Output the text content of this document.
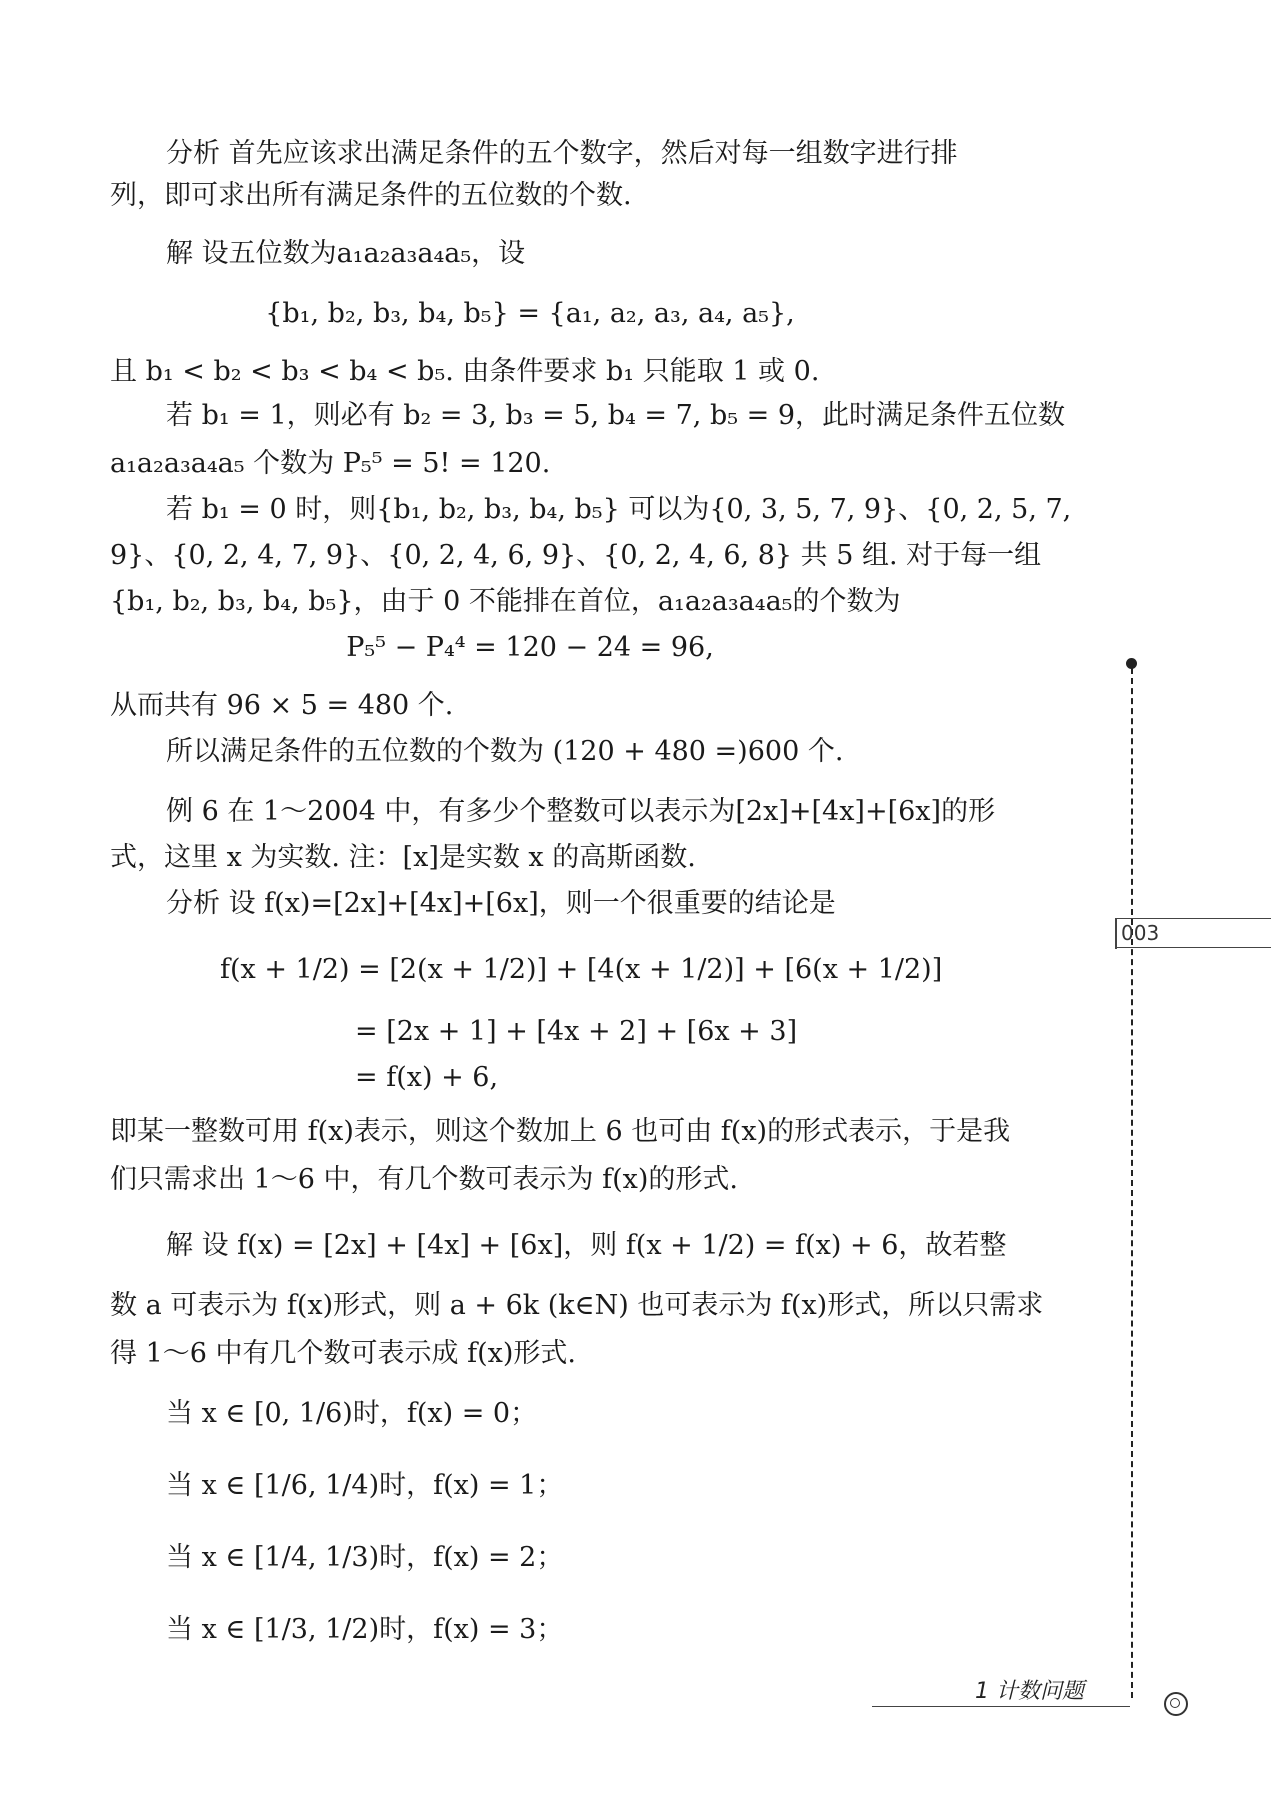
分析 首先应该求出满足条件的五个数字，然后对每一组数字进行排
列，即可求出所有满足条件的五位数的个数.
解 设五位数为a₁a₂a₃a₄a₅，设
{b₁, b₂, b₃, b₄, b₅} = {a₁, a₂, a₃, a₄, a₅},
且 b₁ < b₂ < b₃ < b₄ < b₅. 由条件要求 b₁ 只能取 1 或 0.
若 b₁ = 1，则必有 b₂ = 3, b₃ = 5, b₄ = 7, b₅ = 9，此时满足条件五位数
a₁a₂a₃a₄a₅ 个数为 P₅⁵ = 5! = 120.
若 b₁ = 0 时，则{b₁, b₂, b₃, b₄, b₅} 可以为{0, 3, 5, 7, 9}、{0, 2, 5, 7,
9}、{0, 2, 4, 7, 9}、{0, 2, 4, 6, 9}、{0, 2, 4, 6, 8} 共 5 组. 对于每一组
{b₁, b₂, b₃, b₄, b₅}，由于 0 不能排在首位，a₁a₂a₃a₄a₅的个数为
P₅⁵ − P₄⁴ = 120 − 24 = 96,
从而共有 96 × 5 = 480 个.
所以满足条件的五位数的个数为 (120 + 480 =)600 个.
例 6 在 1～2004 中，有多少个整数可以表示为[2x]+[4x]+[6x]的形
式，这里 x 为实数. 注：[x]是实数 x 的高斯函数.
分析 设 f(x)=[2x]+[4x]+[6x]，则一个很重要的结论是
f(x + 1/2) = [2(x + 1/2)] + [4(x + 1/2)] + [6(x + 1/2)]
= [2x + 1] + [4x + 2] + [6x + 3]
= f(x) + 6,
即某一整数可用 f(x)表示，则这个数加上 6 也可由 f(x)的形式表示，于是我
们只需求出 1～6 中，有几个数可表示为 f(x)的形式.
解 设 f(x) = [2x] + [4x] + [6x]，则 f(x + 1/2) = f(x) + 6，故若整
数 a 可表示为 f(x)形式，则 a + 6k (k∈N) 也可表示为 f(x)形式，所以只需求
得 1～6 中有几个数可表示成 f(x)形式.
当 x ∈ [0, 1/6)时，f(x) = 0；
当 x ∈ [1/6, 1/4)时，f(x) = 1；
当 x ∈ [1/4, 1/3)时，f(x) = 2；
当 x ∈ [1/3, 1/2)时，f(x) = 3；
003
1 计数问题
